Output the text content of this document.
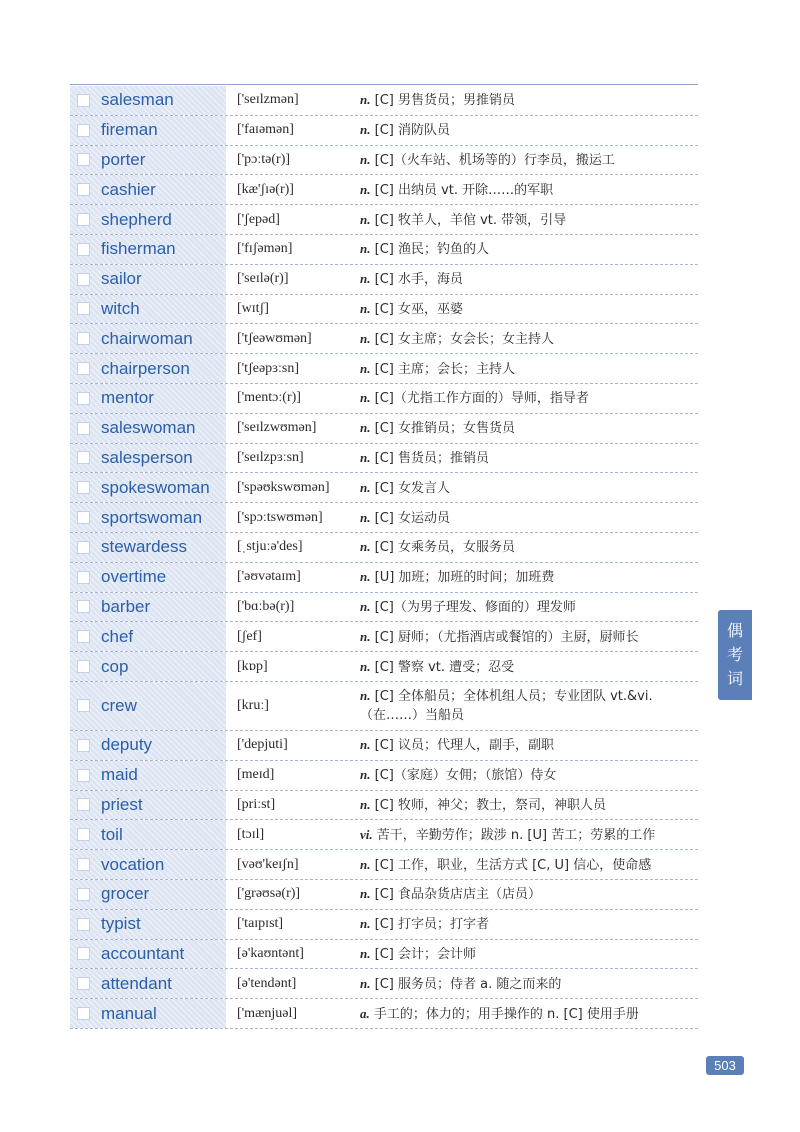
salesman	['seɪlzmən]	n. [C] 男售货员；男推销员
fireman	['faɪəmən]	n. [C] 消防队员
porter	['pɔːtə(r)]	n. [C]（火车站、机场等的）行李员，搬运工
cashier	[kæ'ʃɪə(r)]	n. [C] 出纳员 vt. 开除……的军职
shepherd	['ʃepəd]	n. [C] 牧羊人，羊倌 vt. 带领，引导
fisherman	['fɪʃəmən]	n. [C] 渔民；钓鱼的人
sailor	['seɪlə(r)]	n. [C] 水手，海员
witch	[wɪtʃ]	n. [C] 女巫，巫婆
chairwoman	['tʃeəwʊmən]	n. [C] 女主席；女会长；女主持人
chairperson	['tʃeəpɜːsn]	n. [C] 主席；会长；主持人
mentor	['mentɔː(r)]	n. [C]（尤指工作方面的）导师，指导者
saleswoman	['seɪlzwʊmən]	n. [C] 女推销员；女售货员
salesperson	['seɪlzpɜːsn]	n. [C] 售货员；推销员
spokeswoman	['spəʊkswʊmən]	n. [C] 女发言人
sportswoman	['spɔːtswʊmən]	n. [C] 女运动员
stewardess	[ˌstjuːə'des]	n. [C] 女乘务员，女服务员
overtime	['əʊvətaɪm]	n. [U] 加班；加班的时间；加班费
barber	['bɑːbə(r)]	n. [C]（为男子理发、修面的）理发师
chef	[ʃef]	n. [C] 厨师；（尤指酒店或餐馆的）主厨，厨师长
cop	[kɒp]	n. [C] 警察 vt. 遭受；忍受
crew	[kruː]
n. [C] 全体船员；全体机组人员；专业团队 vt.&vi.（在……）当船员
deputy	['depjuti]	n. [C] 议员；代理人，副手，副职
maid	[meɪd]	n. [C]（家庭）女佣；（旅馆）侍女
priest	[priːst]	n. [C] 牧师，神父；教士，祭司，神职人员
toil	[tɔɪl]	vi. 苦干，辛勤劳作；跋涉 n. [U] 苦工；劳累的工作
vocation	[vəʊ'keɪʃn]	n. [C] 工作，职业，生活方式 [C, U] 信心，使命感
grocer	['grəʊsə(r)]	n. [C] 食品杂货店店主（店员）
typist	['taɪpɪst]	n. [C] 打字员；打字者
accountant	[ə'kaʊntənt]	n. [C] 会计；会计师
attendant	[ə'tendənt]	n. [C] 服务员；侍者 a. 随之而来的
manual	['mænjuəl]	a. 手工的；体力的；用手操作的 n. [C] 使用手册
偶
考
词
503
